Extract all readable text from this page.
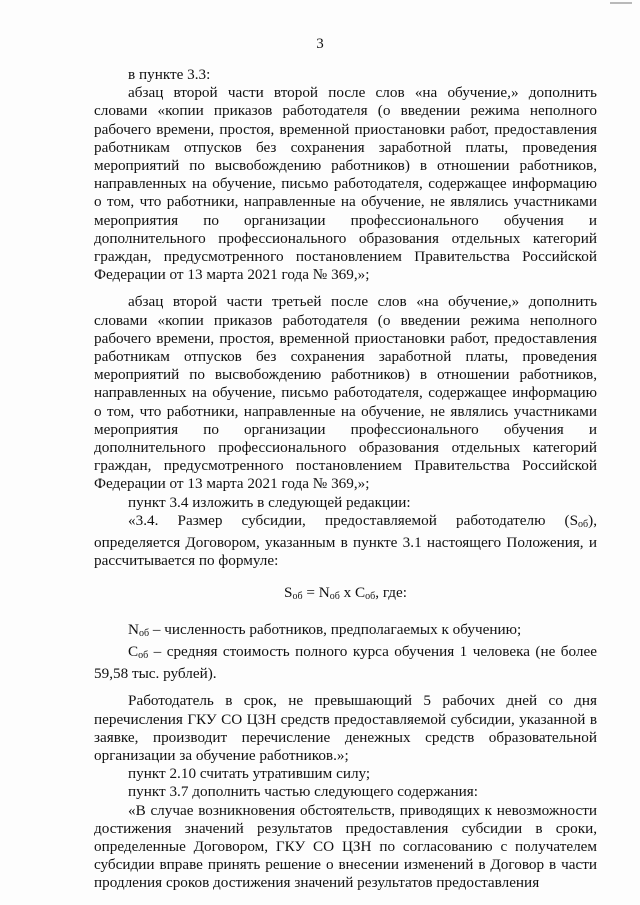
3

в пункте 3.3:

абзац второй части второй после слов «на обучение,» дополнить словами «копии приказов работодателя (о введении режима неполного рабочего времени, простоя, временной приостановки работ, предоставления работникам отпусков без сохранения заработной платы, проведения мероприятий по высвобождению работников) в отношении работников, направленных на обучение, письмо работодателя, содержащее информацию о том, что работники, направленные на обучение, не являлись участниками мероприятия по организации профессионального обучения и дополнительного профессионального образования отдельных категорий граждан, предусмотренного постановлением Правительства Российской Федерации от 13 марта 2021 года № 369,»;

абзац второй части третьей после слов «на обучение,» дополнить словами «копии приказов работодателя (о введении режима неполного рабочего времени, простоя, временной приостановки работ, предоставления работникам отпусков без сохранения заработной платы, проведения мероприятий по высвобождению работников) в отношении работников, направленных на обучение, письмо работодателя, содержащее информацию о том, что работники, направленные на обучение, не являлись участниками мероприятия по организации профессионального обучения и дополнительного профессионального образования отдельных категорий граждан, предусмотренного постановлением Правительства Российской Федерации от 13 марта 2021 года № 369,»;

пункт 3.4 изложить в следующей редакции:

«3.4. Размер субсидии, предоставляемой работодателю $(S_{об})$, определяется Договором, указанным в пункте 3.1 настоящего Положения, и рассчитывается по формуле:

$S_{об} = N_{об}$ x $C_{об}$, где:

$N_{об}$ – численность работников, предполагаемых к обучению;

$C_{об}$ – средняя стоимость полного курса обучения 1 человека (не более 59,58 тыс. рублей).

Работодатель в срок, не превышающий 5 рабочих дней со дня перечисления ГКУ СО ЦЗН средств предоставляемой субсидии, указанной в заявке, производит перечисление денежных средств образовательной организации за обучение работников.»;

пункт 2.10 считать утратившим силу;

пункт 3.7 дополнить частью следующего содержания:

«В случае возникновения обстоятельств, приводящих к невозможности достижения значений результатов предоставления субсидии в сроки, определенные Договором, ГКУ СО ЦЗН по согласованию с получателем субсидии вправе принять решение о внесении изменений в Договор в части продления сроков достижения значений результатов предоставления
